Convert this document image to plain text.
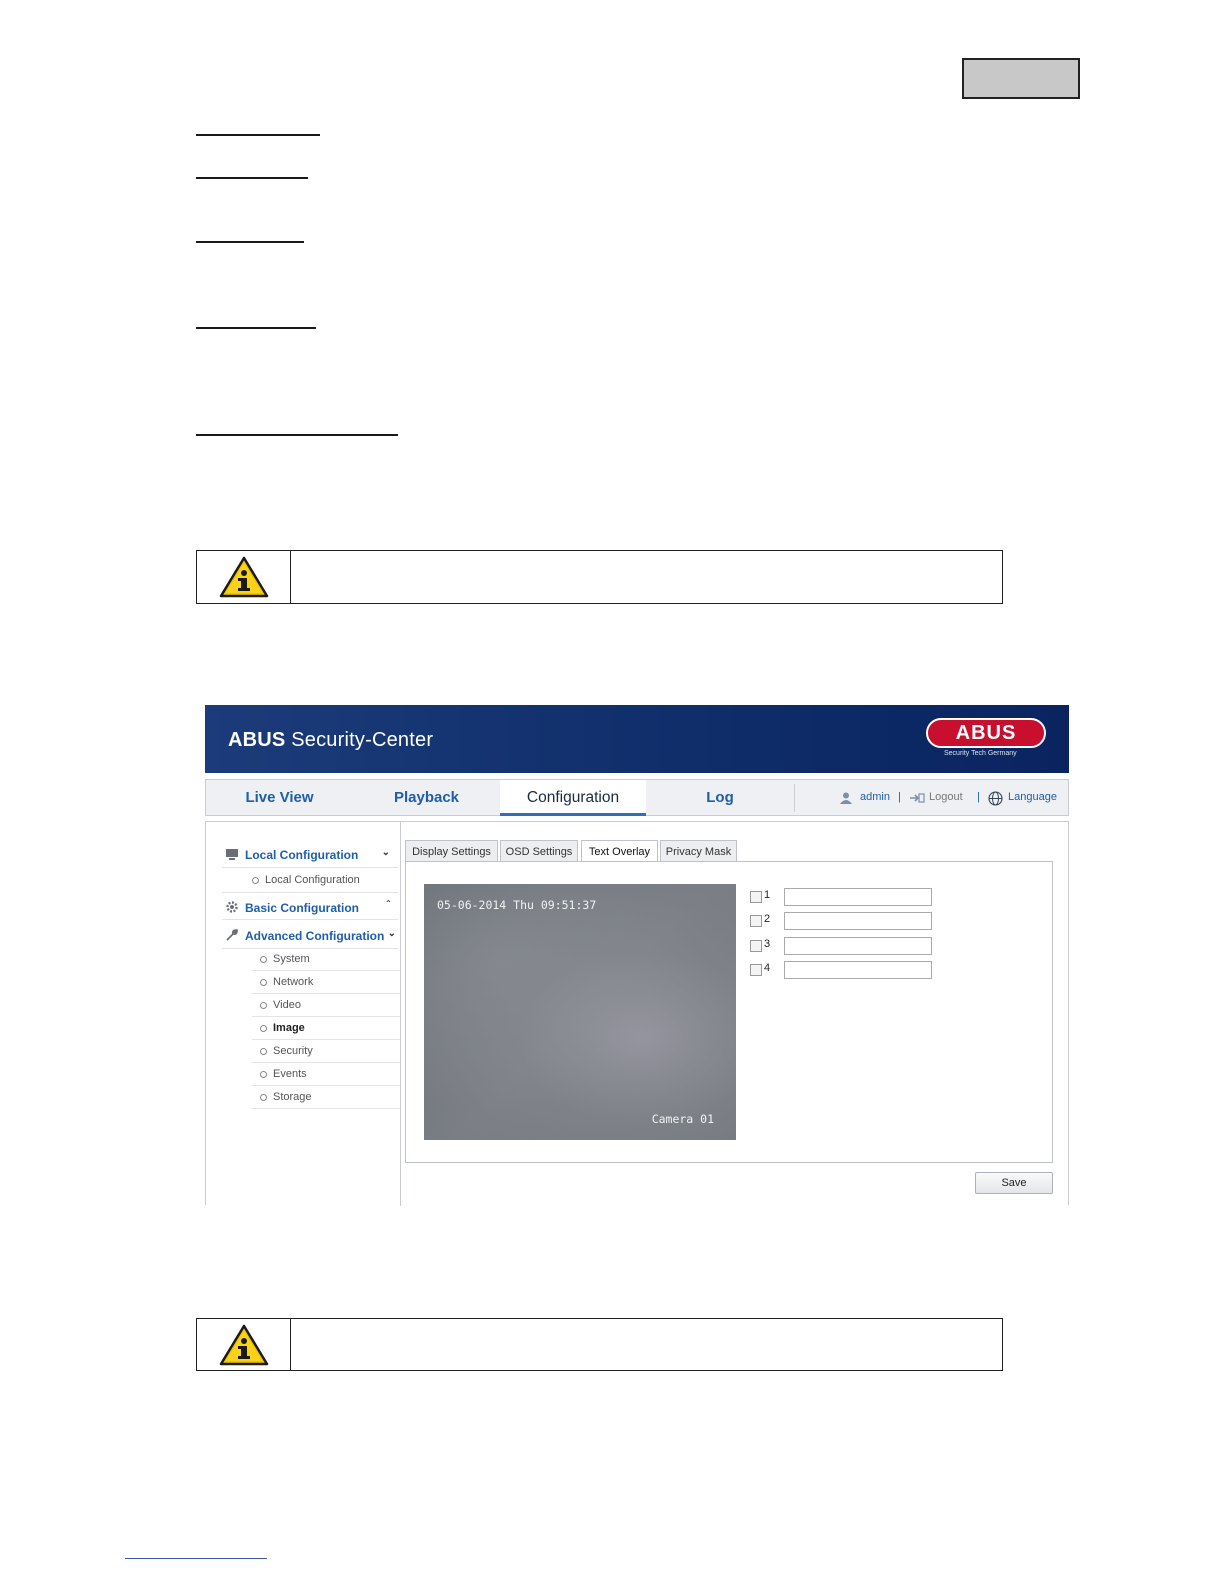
ABUS Security-Center	ABUS
Security Tech Germany
Live View	Playback	Configuration	Log	admin |	Logout |	Language
Local Configuration ⌄
Local Configuration
Basic Configuration	ˆ
Advanced Configuration ⌄
System
Network
Video
Image
Security
Events
Storage
Display Settings	OSD Settings	Text Overlay	Privacy Mask
05-06-2014 Thu 09:51:37
Camera 01
1
2
3
4
Save
